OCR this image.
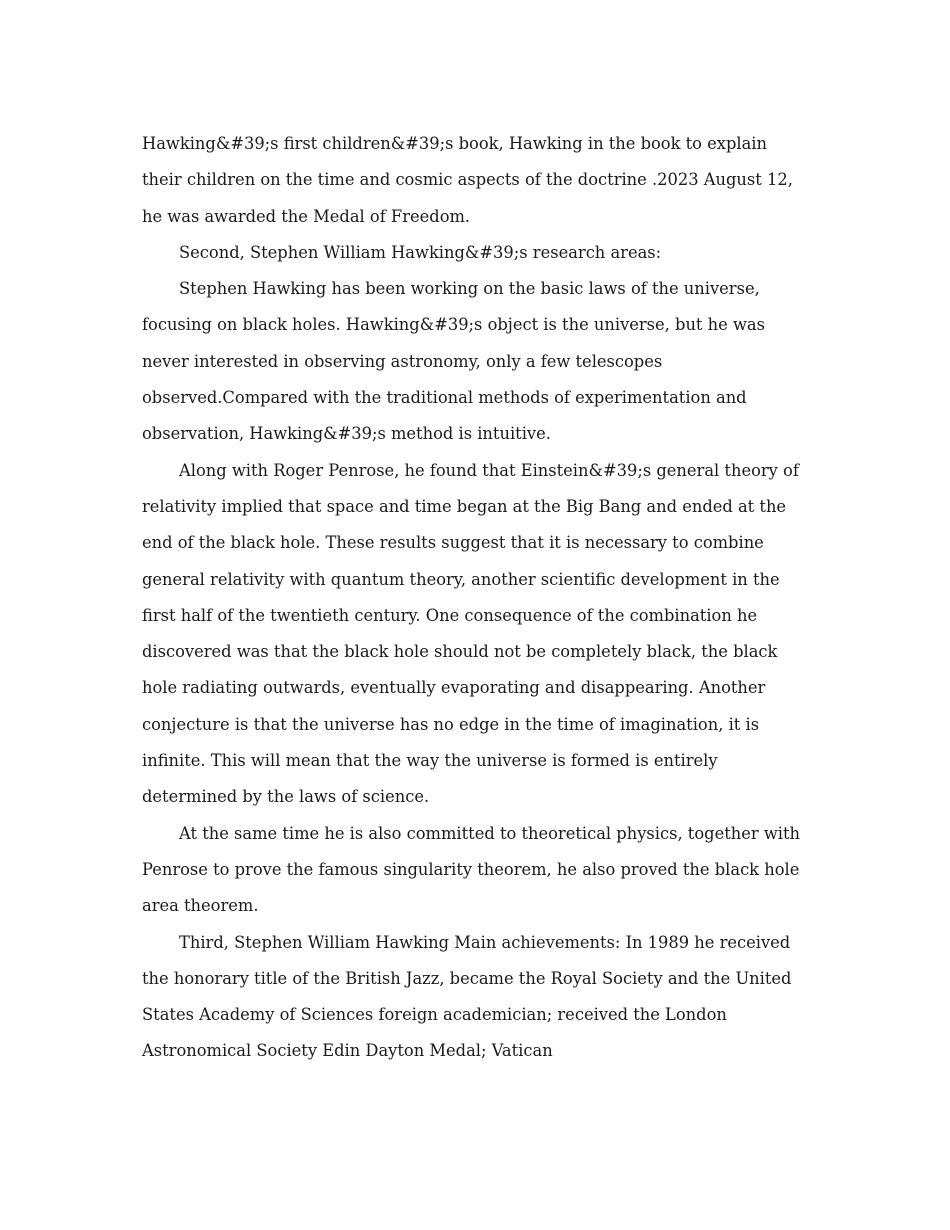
Hawking&#39;s first children&#39;s book, Hawking in the book to explain their children on the time and cosmic aspects of the doctrine .2023 August 12, he was awarded the Medal of Freedom.

Second, Stephen William Hawking&#39;s research areas:

Stephen Hawking has been working on the basic laws of the universe, focusing on black holes. Hawking&#39;s object is the universe, but he was never interested in observing astronomy, only a few telescopes observed.Compared with the traditional methods of experimentation and observation, Hawking&#39;s method is intuitive.

Along with Roger Penrose, he found that Einstein&#39;s general theory of relativity implied that space and time began at the Big Bang and ended at the end of the black hole. These results suggest that it is necessary to combine general relativity with quantum theory, another scientific development in the first half of the twentieth century. One consequence of the combination he discovered was that the black hole should not be completely black, the black hole radiating outwards, eventually evaporating and disappearing. Another conjecture is that the universe has no edge in the time of imagination, it is infinite. This will mean that the way the universe is formed is entirely determined by the laws of science.

At the same time he is also committed to theoretical physics, together with Penrose to prove the famous singularity theorem, he also proved the black hole area theorem.

Third, Stephen William Hawking Main achievements: In 1989 he received the honorary title of the British Jazz, became the Royal Society and the United States Academy of Sciences foreign academician; received the London Astronomical Society Edin Dayton Medal; Vatican
